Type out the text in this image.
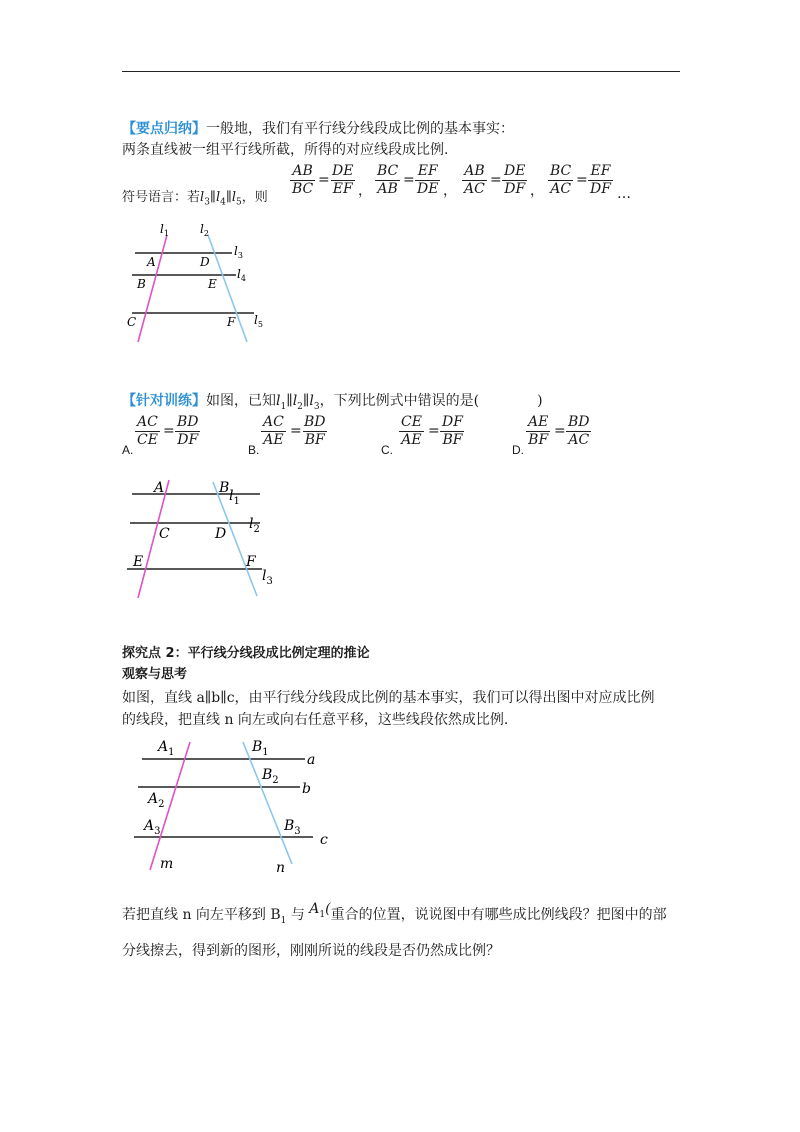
【要点归纳】一般地，我们有平行线分线段成比例的基本事实：
两条直线被一组平行线所截，所得的对应线段成比例.
符号语言：若$l_3\parallel l_4\parallel l_5$，则 $\frac{AB}{BC} = \frac{DE}{EF}$ ， $\frac{BC}{AB} = \frac{EF}{DE}$ ， $\frac{AB}{AC} = \frac{DE}{DF}$ ， $\frac{BC}{AC} = \frac{EF}{DF}$ …
$l_1$	$l_2$
$l_3$
$l_4$
$l_5$
A
B
C
D
E
F
【针对训练】如图，已知$l_1\parallel l_2\parallel l_3$，下列比例式中错误的是(	)
A.
$\frac{AC}{CE} = \frac{BD}{DF}$
B.
$\frac{AC}{AE} = \frac{BD}{BF}$
C.
$\frac{CE}{AE} = \frac{DF}{BF}$
D.
$\frac{AE}{BF} = \frac{BD}{AC}$
A	B
C	D
E	F
$l_1$
$l_2$
$l_3$
探究点 2：平行线分线段成比例定理的推论
观察与思考
如图，直线 a∥b∥c，由平行线分线段成比例的基本事实，我们可以得出图中对应成比例
的线段，把直线 n 向左或向右任意平移，这些线段依然成比例.
$A_1$	$B_1$	a
$B_2$
b
$A_2$
$A_3$	$B_3$
c
m	n
若把直线 n 向左平移到 $B_1$ 与 $A_1$(重合的位置，说说图中有哪些成比例线段？把图中的部
分线擦去，得到新的图形，刚刚所说的线段是否仍然成比例？
